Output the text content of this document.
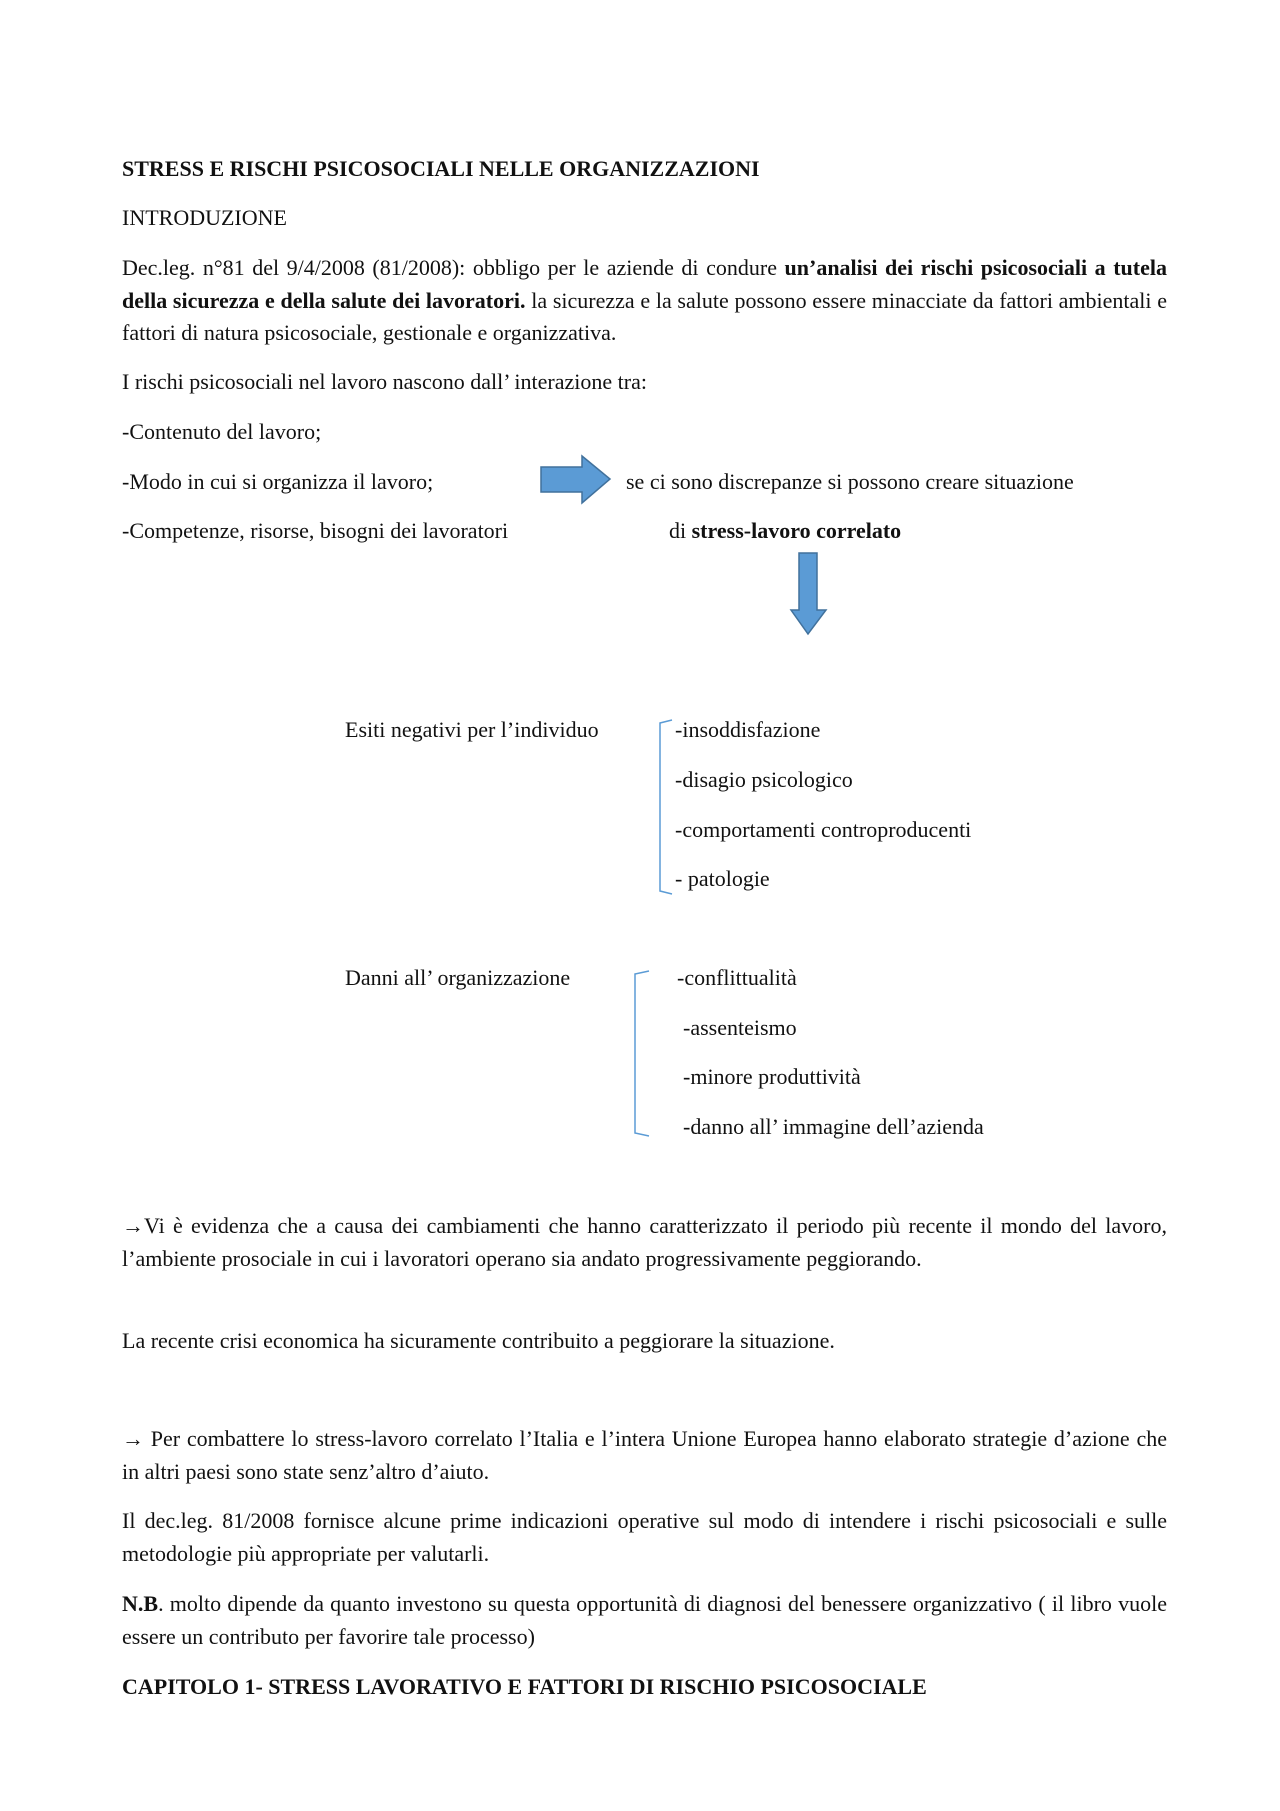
STRESS E RISCHI PSICOSOCIALI NELLE ORGANIZZAZIONI
INTRODUZIONE
Dec.leg. n°81 del 9/4/2008 (81/2008): obbligo per le aziende di condure un’analisi dei rischi psicosociali a tutela della sicurezza e della salute dei lavoratori. la sicurezza e la salute possono essere minacciate da fattori ambientali e fattori di natura psicosociale, gestionale e organizzativa.
I rischi psicosociali nel lavoro nascono dall’ interazione tra:
-Contenuto del lavoro;
-Modo in cui si organizza il lavoro;
-Competenze, risorse, bisogni dei lavoratori
se ci sono discrepanze si possono creare situazione
di stress-lavoro correlato
Esiti negativi per l’individuo	-insoddisfazione
-disagio psicologico
-comportamenti controproducenti
- patologie
Danni all’ organizzazione	-conflittualità
-assenteismo
-minore produttività
-danno all’ immagine dell’azienda
→Vi è evidenza che a causa dei cambiamenti che hanno caratterizzato il periodo più recente il mondo del lavoro, l’ambiente prosociale in cui i lavoratori operano sia andato progressivamente peggiorando.
La recente crisi economica ha sicuramente contribuito a peggiorare la situazione.
→ Per combattere lo stress-lavoro correlato l’Italia e l’intera Unione Europea hanno elaborato strategie d’azione che in altri paesi sono state senz’altro d’aiuto.
Il dec.leg. 81/2008 fornisce alcune prime indicazioni operative sul modo di intendere i rischi psicosociali e sulle metodologie più appropriate per valutarli.
N.B. molto dipende da quanto investono su questa opportunità di diagnosi del benessere organizzativo ( il libro vuole essere un contributo per favorire tale processo)
CAPITOLO 1- STRESS LAVORATIVO E FATTORI DI RISCHIO PSICOSOCIALE
